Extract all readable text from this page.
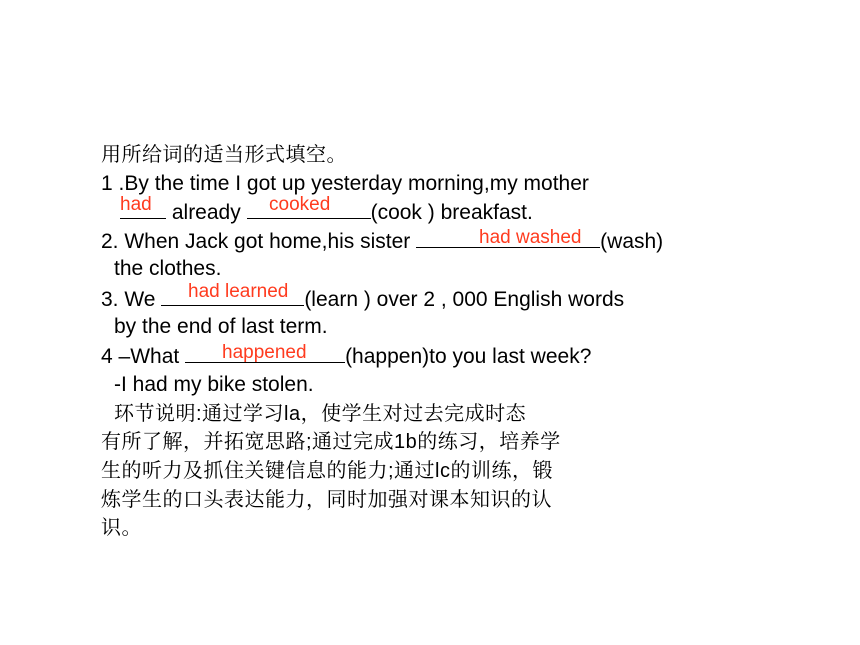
用所给词的适当形式填空。
1 .By the time I got up yesterday morning,my mother
already	(cook ) breakfast.
had	cooked
2. When Jack got home,his sister	(wash)
had washed
the clothes.
3. We	(learn ) over 2 , 000 English words
had learned
by the end of last term.
4 –What	(happen)to you last week?
happened
-I had my bike stolen.
环节说明:通过学习la，使学生对过去完成时态
有所了解，并拓宽思路;通过完成1b的练习，培养学
生的听力及抓住关键信息的能力;通过lc的训练，锻
炼学生的口头表达能力，同时加强对课本知识的认
识。
